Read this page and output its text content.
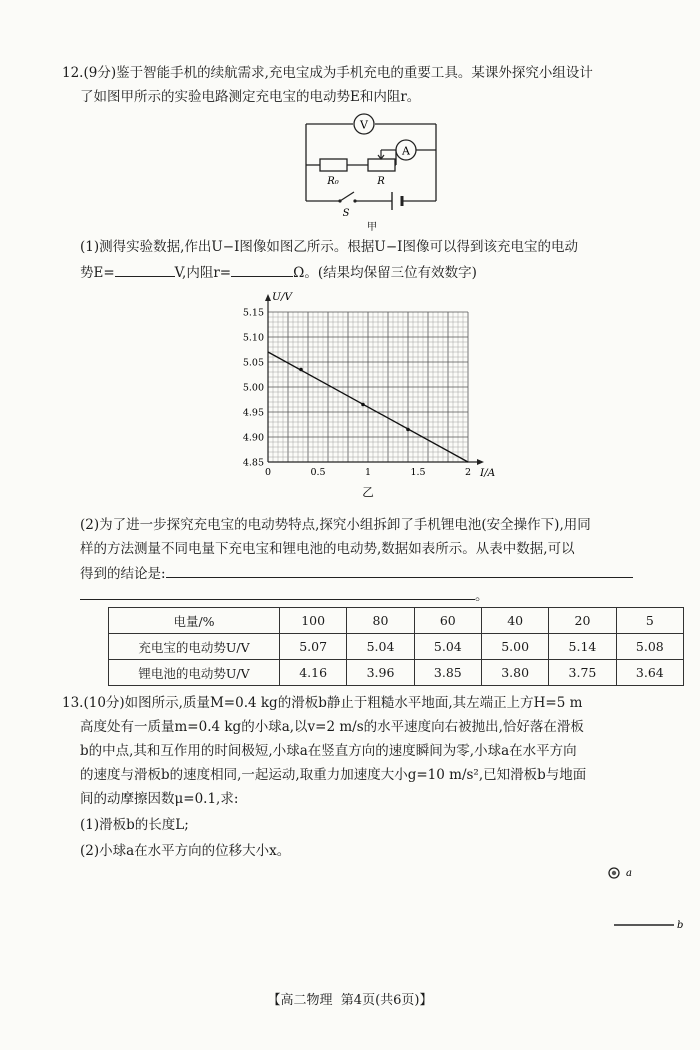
12.(9分)鉴于智能手机的续航需求,充电宝成为手机充电的重要工具。某课外探究小组设计
了如图甲所示的实验电路测定充电宝的电动势E和内阻r。
V
A
R₀	R
S
甲
(1)测得实验数据,作出U−I图像如图乙所示。根据U−I图像可以得到该充电宝的电动
势E=	V,内阻r=	Ω。(结果均保留三位有效数字)
I/A
U/V
0	0.5	1	1.5	2
4.85
4.90
4.95
5.00
5.05
5.10
5.15
乙
(2)为了进一步探究充电宝的电动势特点,探究小组拆卸了手机锂电池(安全操作下),用同
样的方法测量不同电量下充电宝和锂电池的电动势,数据如表所示。从表中数据,可以
得到的结论是:
。
电量/%	100	80	60	40	20	5
充电宝的电动势U/V	5.07	5.04	5.04	5.00	5.14	5.08
锂电池的电动势U/V	4.16	3.96	3.85	3.80	3.75	3.64
13.(10分)如图所示,质量M=0.4 kg的滑板b静止于粗糙水平地面,其左端正上方H=5 m
高度处有一质量m=0.4 kg的小球a,以v=2 m/s的水平速度向右被抛出,恰好落在滑板
b的中点,其和互作用的时间极短,小球a在竖直方向的速度瞬间为零,小球a在水平方向
的速度与滑板b的速度相同,一起运动,取重力加速度大小g=10 m/s²,已知滑板b与地面
间的动摩擦因数μ=0.1,求:
(1)滑板b的长度L;
(2)小球a在水平方向的位移大小x。
a
b
【高二物理 第4页(共6页)】
